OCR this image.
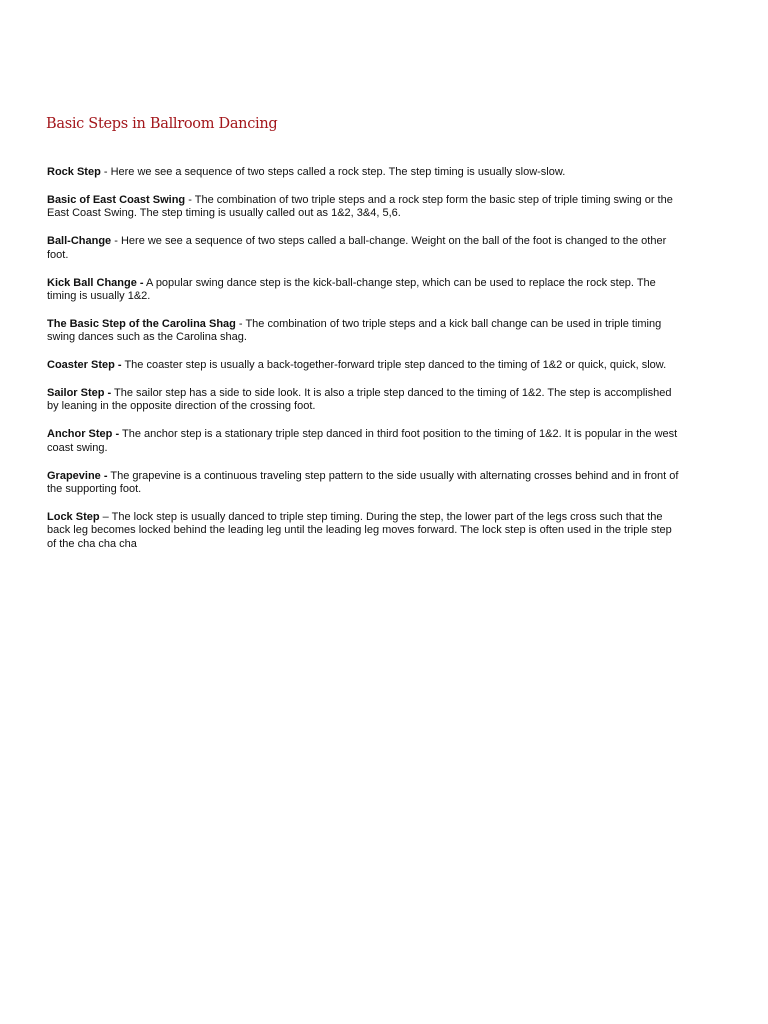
Basic Steps in Ballroom Dancing
Rock Step - Here we see a sequence of two steps called a rock step. The step timing is usually slow-slow.
Basic of East Coast Swing - The combination of two triple steps and a rock step form the basic step of triple timing swing or the East Coast Swing. The step timing is usually called out as 1&2, 3&4, 5,6.
Ball-Change - Here we see a sequence of two steps called a ball-change. Weight on the ball of the foot is changed to the other foot.
Kick Ball Change - A popular swing dance step is the kick-ball-change step, which can be used to replace the rock step. The timing is usually 1&2.
The Basic Step of the Carolina Shag - The combination of two triple steps and a kick ball change can be used in triple timing swing dances such as the Carolina shag.
Coaster Step - The coaster step is usually a back-together-forward triple step danced to the timing of 1&2 or quick, quick, slow.
Sailor Step - The sailor step has a side to side look. It is also a triple step danced to the timing of 1&2. The step is accomplished by leaning in the opposite direction of the crossing foot.
Anchor Step - The anchor step is a stationary triple step danced in third foot position to the timing of 1&2. It is popular in the west coast swing.
Grapevine - The grapevine is a continuous traveling step pattern to the side usually with alternating crosses behind and in front of the supporting foot.
Lock Step – The lock step is usually danced to triple step timing. During the step, the lower part of the legs cross such that the back leg becomes locked behind the leading leg until the leading leg moves forward. The lock step is often used in the triple step of the cha cha cha
